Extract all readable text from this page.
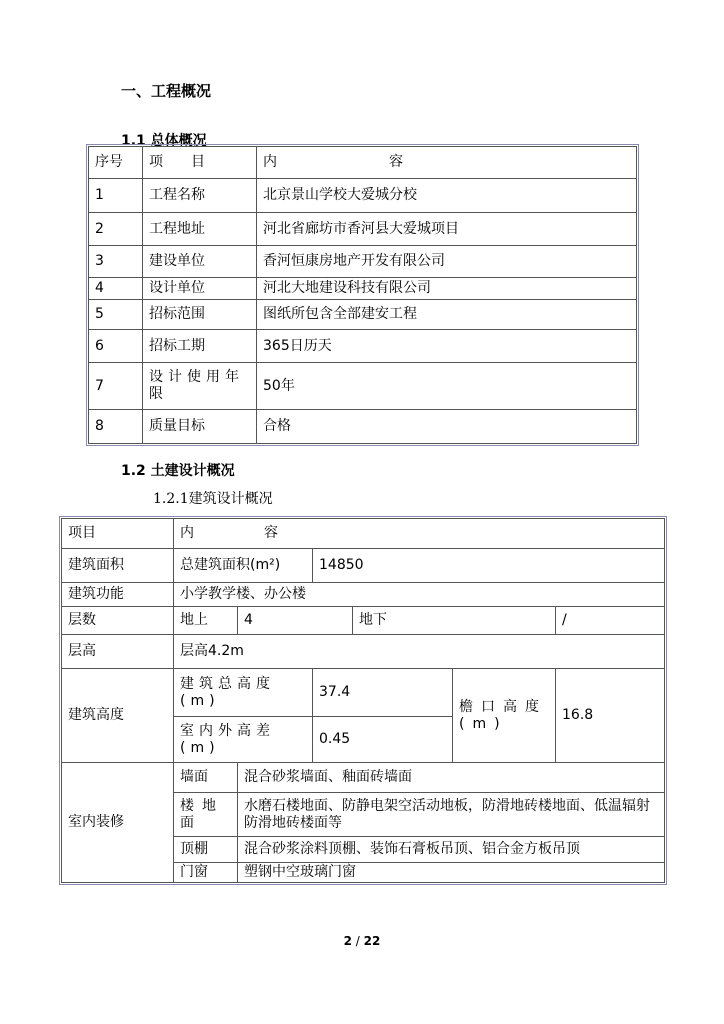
一、工程概况
1.1 总体概况
序号	项　　目	内　　　　　　　　容
1	工程名称	北京景山学校大爱城分校
2	工程地址	河北省廊坊市香河县大爱城项目
3	建设单位	香河恒康房地产开发有限公司
4	设计单位	河北大地建设科技有限公司
5	招标范围	图纸所包含全部建安工程
6	招标工期	365日历天
7	设计使用年限	50年
8	质量目标	合格
1.2 土建设计概况
1.2.1建筑设计概况
项目	内　　　　　容					
建筑面积	总建筑面积(m²)		14850			
建筑功能	小学教学楼、办公楼					
层数	地上	4		地下		/
层高	层高4.2m					
建筑高度	建筑总高度(m)		37.4		檐口高度(m)	16.8
	室内外高差(m)		0.45			
室内装修	墙面	混合砂浆墙面、釉面砖墙面				
	楼地面	水磨石楼地面、防静电架空活动地板，防滑地砖楼地面、低温辐射防滑地砖楼面等				
	顶棚	混合砂浆涂料顶棚、装饰石膏板吊顶、铝合金方板吊顶				
	门窗	塑钢中空玻璃门窗				
2 / 22
